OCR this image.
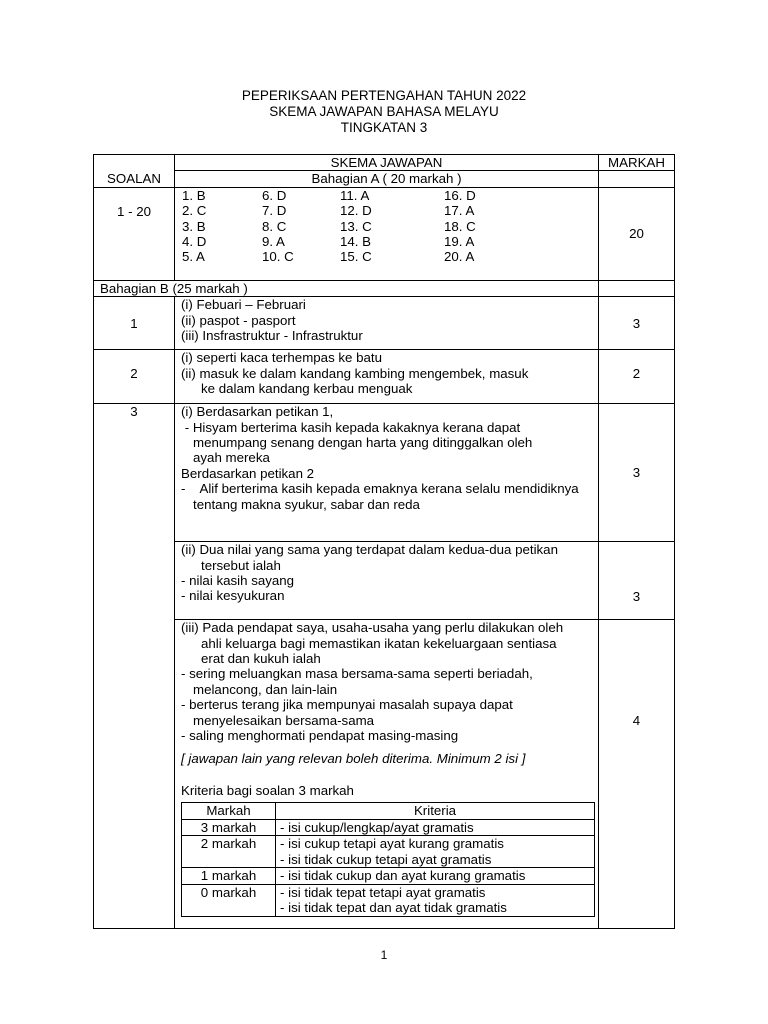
PEPERIKSAAN PERTENGAHAN TAHUN 2022
SKEMA JAWAPAN BAHASA MELAYU
TINGKATAN 3
SOALAN	SKEMA JAWAPAN	MARKAH
Bahagian A ( 20 markah )	
1 - 20	
1. B	6. D	11. A	16. D
2. C	7. D	12. D	17. A
3. B	8. C	13. C	18. C
4. D	9. A	14. B	19. A
5. A	10. C	15. C	20. A
	20
Bahagian B (25 markah )	
1	
(i) Febuari – Februari
(ii) paspot - pasport
(iii) Insfrastruktur - Infrastruktur
	3
2	
(i) seperti kaca terhempas ke batu
(ii) masuk ke dalam kandang kambing mengembek, masuk
ke dalam kandang kerbau menguak
	2
3	(i) Berdasarkan petikan 1,
- Hisyam berterima kasih kepada kakaknya kerana dapat
menumpang senang dengan harta yang ditinggalkan oleh
ayah mereka
Berdasarkan petikan 2
-    Alif berterima kasih kepada emaknya kerana selalu mendidiknya
tentang makna syukur, sabar dan reda
	3

(ii) Dua nilai yang sama yang terdapat dalam kedua-dua petikan
tersebut ialah
- nilai kasih sayang
- nilai kesyukuran	3

(iii) Pada pendapat saya, usaha-usaha yang perlu dilakukan oleh
ahli keluarga bagi memastikan ikatan kekeluargaan sentiasa
erat dan kukuh ialah
- sering meluangkan masa bersama-sama seperti beriadah,
melancong, dan lain-lain
- berterus terang jika mempunyai masalah supaya dapat
menyelesaikan bersama-sama
- saling menghormati pendapat masing-masing
[ jawapan lain yang relevan boleh diterima. Minimum 2 isi ]
Kriteria bagi soalan 3 markah
Markah	Kriteria
3 markah	- isi cukup/lengkap/ayat gramatis

2 markah	- isi cukup tetapi ayat kurang gramatis
- isi tidak cukup tetapi ayat gramatis

1 markah	- isi tidak cukup dan ayat kurang gramatis

0 markah	- isi tidak tepat tetapi ayat gramatis
- isi tidak tepat dan ayat tidak gramatis
	4
1
